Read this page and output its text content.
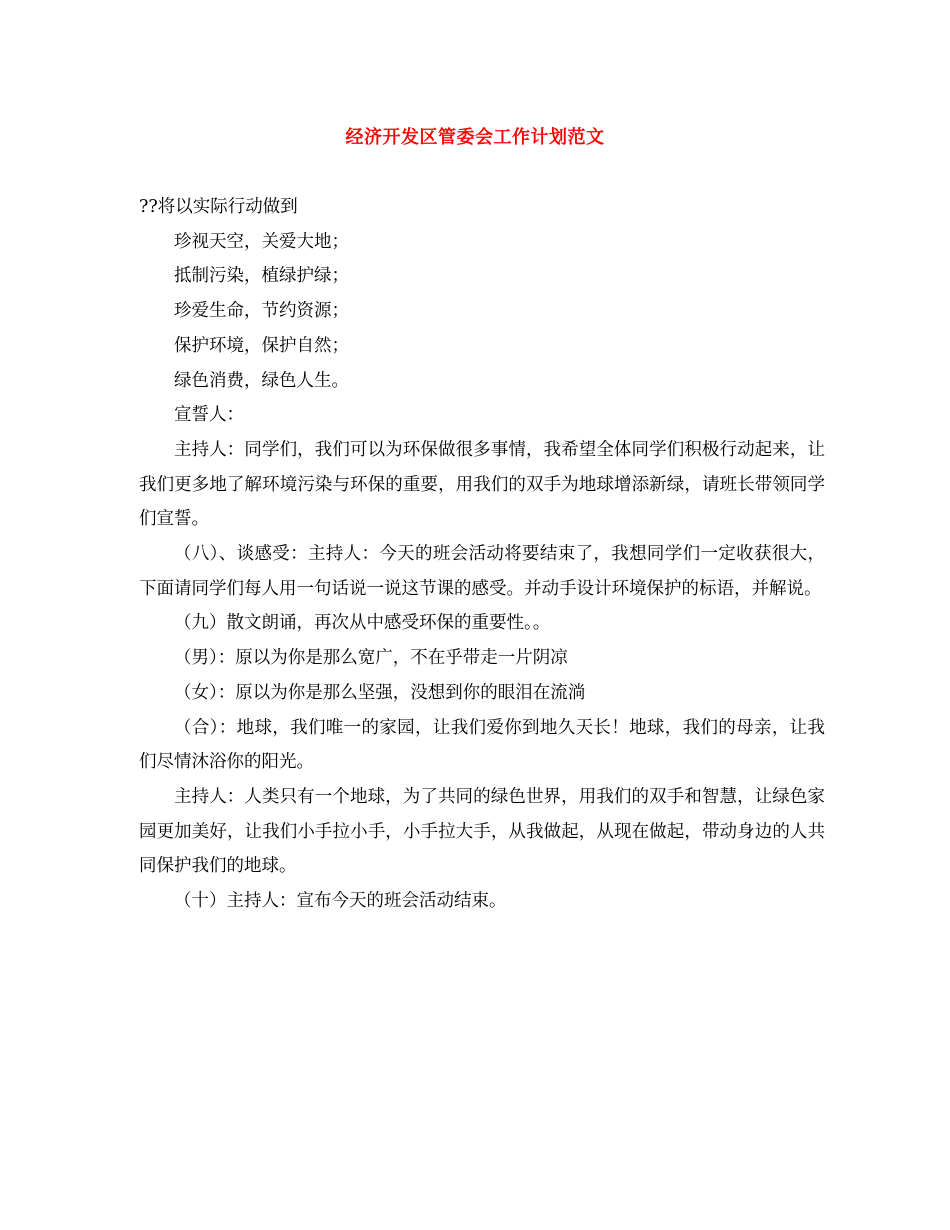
经济开发区管委会工作计划范文

??将以实际行动做到

珍视天空，关爱大地；

抵制污染，植绿护绿；

珍爱生命，节约资源；

保护环境，保护自然；

绿色消费，绿色人生。

宣誓人：

主持人：同学们，我们可以为环保做很多事情，我希望全体同学们积极行动起来，让我们更多地了解环境污染与环保的重要，用我们的双手为地球增添新绿，请班长带领同学们宣誓。

（八）、谈感受：主持人：今天的班会活动将要结束了，我想同学们一定收获很大，下面请同学们每人用一句话说一说这节课的感受。并动手设计环境保护的标语，并解说。

（九）散文朗诵，再次从中感受环保的重要性。。

（男）：原以为你是那么宽广，不在乎带走一片阴凉

（女）：原以为你是那么坚强，没想到你的眼泪在流淌

（合）：地球，我们唯一的家园，让我们爱你到地久天长！地球，我们的母亲，让我们尽情沐浴你的阳光。

主持人：人类只有一个地球，为了共同的绿色世界，用我们的双手和智慧，让绿色家园更加美好，让我们小手拉小手，小手拉大手，从我做起，从现在做起，带动身边的人共同保护我们的地球。

（十）主持人：宣布今天的班会活动结束。
